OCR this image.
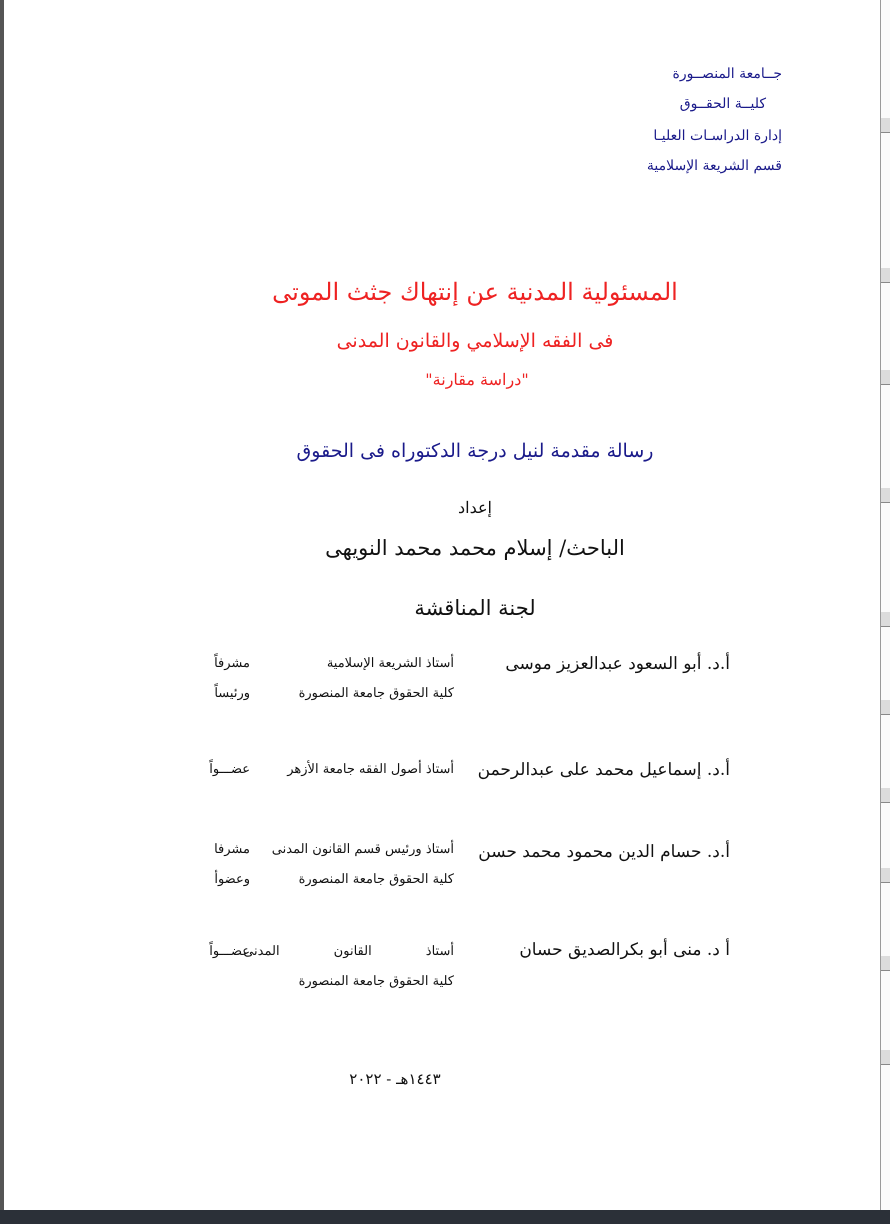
جــامعة المنصــورة
كليــة الحقــوق
إدارة الدراسـات العليـا
قسم الشريعة الإسلامية
المسئولية المدنية عن إنتهاك جثث الموتى
فى الفقه الإسلامي والقانون المدنى
"دراسة مقارنة"
رسالة مقدمة لنيل درجة الدكتوراه فى الحقوق
إعداد
الباحث/ إسلام محمد محمد النويهى
لجنة المناقشة
أ.د. أبو السعود عبدالعزيز موسى
أستاذ الشريعة الإسلامية
كلية الحقوق جامعة المنصورة
مشرفاً
ورئيساً
أ.د. إسماعيل محمد على عبدالرحمن
أستاذ أصول الفقه جامعة الأزهر
عضـــواً
أ.د. حسام الدين محمود محمد حسن
أستاذ ورئيس قسم القانون المدنى
كلية الحقوق جامعة المنصورة
مشرفا
وعضوأ
أ د. منى أبو بكرالصديق حسان
أستاذ القانون المدنى
كلية الحقوق جامعة المنصورة
عضـــواً
١٤٤٣هـ - ٢٠٢٢
